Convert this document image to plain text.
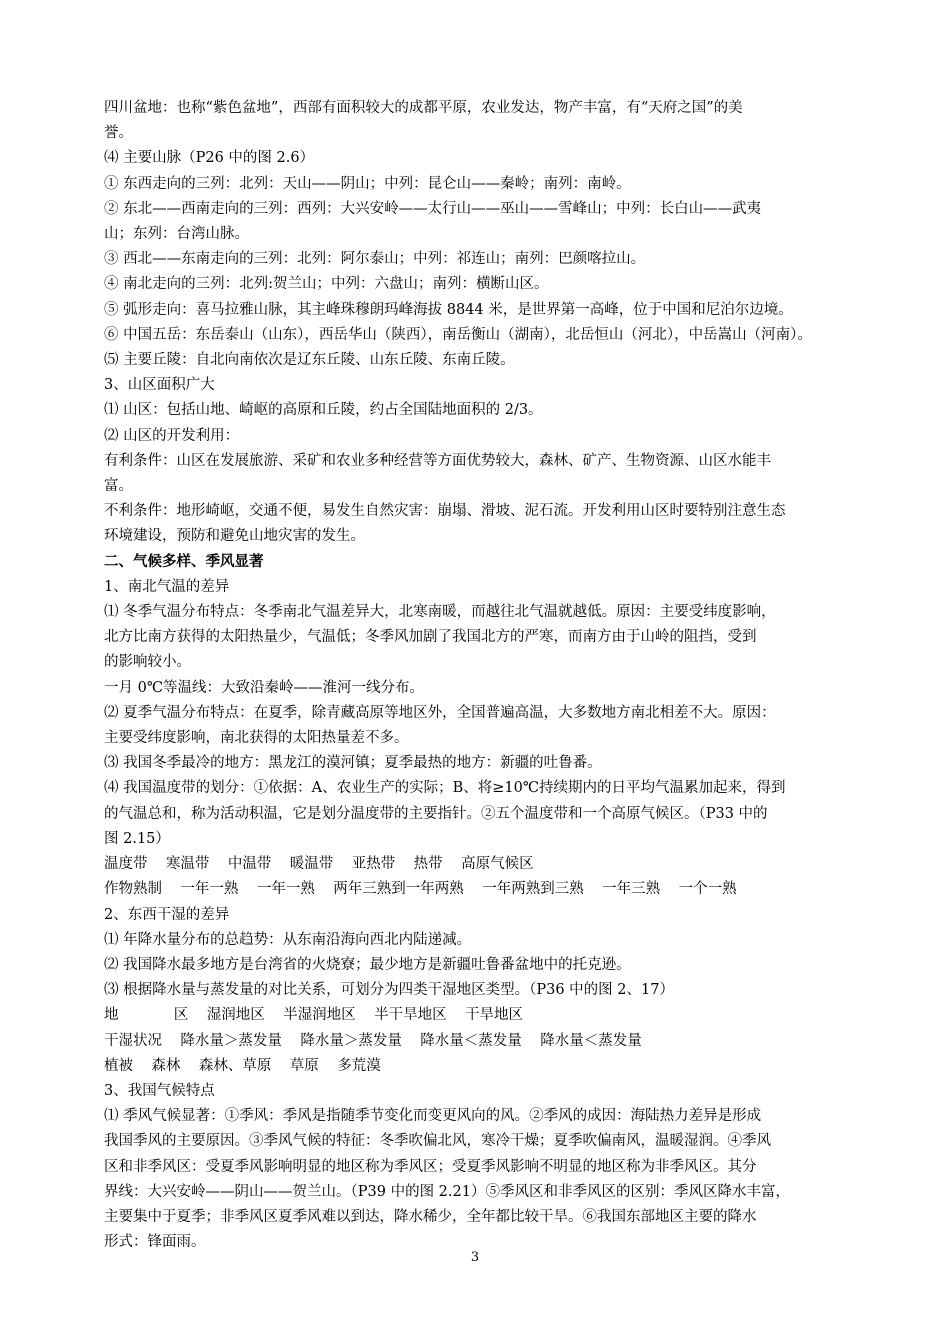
四川盆地：也称“紫色盆地”，西部有面积较大的成都平原，农业发达，物产丰富，有“天府之国”的美
誉。
⑷ 主要山脉（P26 中的图 2.6）
① 东西走向的三列：北列：天山——阴山；中列：昆仑山——秦岭；南列：南岭。
② 东北——西南走向的三列：西列：大兴安岭——太行山——巫山——雪峰山；中列：长白山——武夷
山；东列：台湾山脉。
③ 西北——东南走向的三列：北列：阿尔泰山；中列：祁连山；南列：巴颜喀拉山。
④ 南北走向的三列：北列:贺兰山；中列：六盘山；南列：横断山区。
⑤ 弧形走向：喜马拉雅山脉，其主峰珠穆朗玛峰海拔 8844 米，是世界第一高峰，位于中国和尼泊尔边境。
⑥ 中国五岳：东岳泰山（山东），西岳华山（陕西），南岳衡山（湖南），北岳恒山（河北），中岳嵩山（河南）。
⑸ 主要丘陵：自北向南依次是辽东丘陵、山东丘陵、东南丘陵。
3、山区面积广大
⑴ 山区：包括山地、崎岖的高原和丘陵，约占全国陆地面积的 2/3。
⑵ 山区的开发利用：
有利条件：山区在发展旅游、采矿和农业多种经营等方面优势较大，森林、矿产、生物资源、山区水能丰
富。
不利条件：地形崎岖，交通不便，易发生自然灾害：崩塌、滑坡、泥石流。开发利用山区时要特别注意生态
环境建设，预防和避免山地灾害的发生。
二、气候多样、季风显著
1、南北气温的差异
⑴ 冬季气温分布特点：冬季南北气温差异大，北寒南暖，而越往北气温就越低。原因：主要受纬度影响，
北方比南方获得的太阳热量少，气温低；冬季风加剧了我国北方的严寒，而南方由于山岭的阻挡，受到
的影响较小。
一月 0℃等温线：大致沿秦岭——淮河一线分布。
⑵ 夏季气温分布特点：在夏季，除青藏高原等地区外，全国普遍高温，大多数地方南北相差不大。原因：
主要受纬度影响，南北获得的太阳热量差不多。
⑶ 我国冬季最冷的地方：黑龙江的漠河镇；夏季最热的地方：新疆的吐鲁番。
⑷ 我国温度带的划分：①依据：A、农业生产的实际；B、将≥10℃持续期内的日平均气温累加起来，得到
的气温总和，称为活动积温，它是划分温度带的主要指针。②五个温度带和一个高原气候区。（P33 中的
图 2.15）
温度带    寒温带    中温带    暖温带    亚热带    热带    高原气候区
作物熟制    一年一熟    一年一熟    两年三熟到一年两熟    一年两熟到三熟    一年三熟    一个一熟
2、东西干湿的差异
⑴ 年降水量分布的总趋势：从东南沿海向西北内陆递减。
⑵ 我国降水最多地方是台湾省的火烧寮；最少地方是新疆吐鲁番盆地中的托克逊。
⑶ 根据降水量与蒸发量的对比关系，可划分为四类干湿地区类型。（P36 中的图 2、17）
地            区    湿润地区    半湿润地区    半干旱地区    干旱地区
干湿状况    降水量＞蒸发量    降水量＞蒸发量    降水量＜蒸发量    降水量＜蒸发量
植被    森林    森林、草原    草原    多荒漠
3、我国气候特点
⑴ 季风气候显著：①季风：季风是指随季节变化而变更风向的风。②季风的成因：海陆热力差异是形成
我国季风的主要原因。③季风气候的特征：冬季吹偏北风，寒冷干燥；夏季吹偏南风，温暖湿润。④季风
区和非季风区：受夏季风影响明显的地区称为季风区；受夏季风影响不明显的地区称为非季风区。其分
界线：大兴安岭——阴山——贺兰山。（P39 中的图 2.21）⑤季风区和非季风区的区别：季风区降水丰富，
主要集中于夏季；非季风区夏季风难以到达，降水稀少，全年都比较干旱。⑥我国东部地区主要的降水
形式：锋面雨。
3
